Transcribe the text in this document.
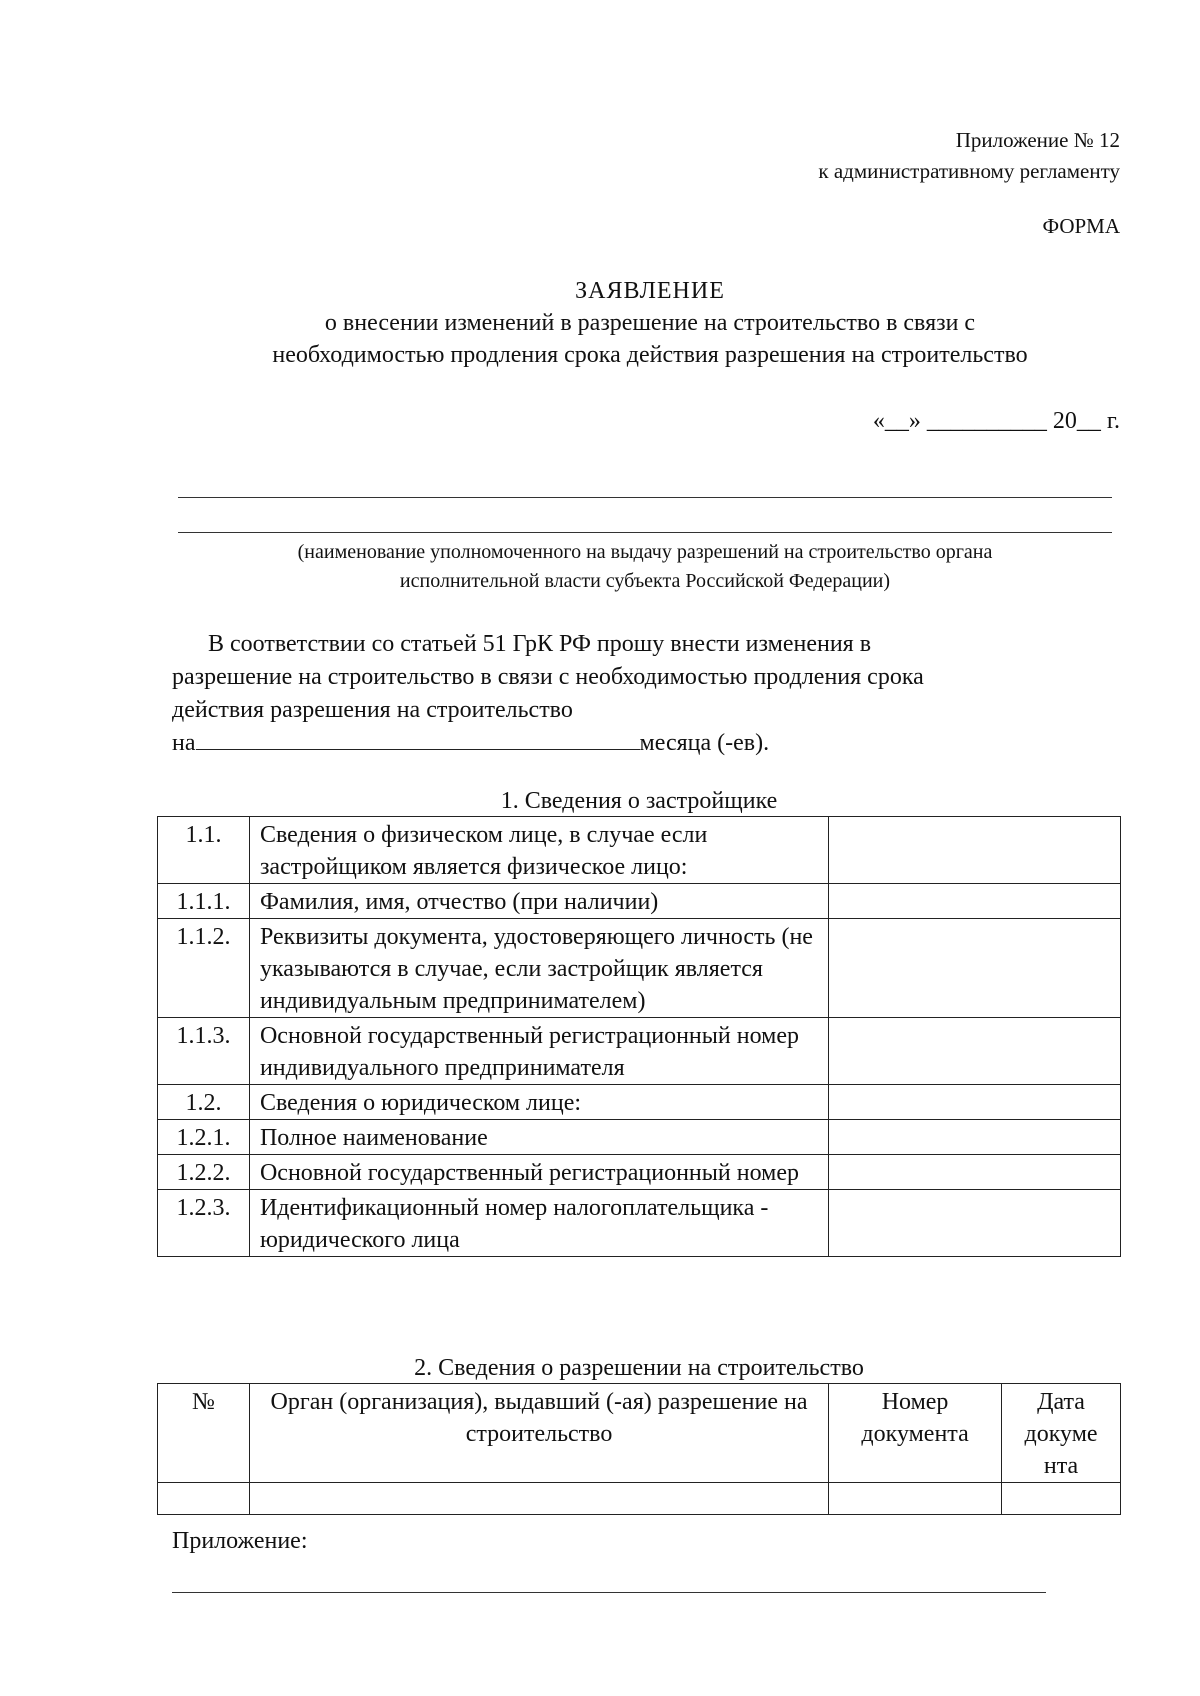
Приложение № 12
к административному регламенту
ФОРМА
ЗАЯВЛЕНИЕ
о внесении изменений в разрешение на строительство в связи с
необходимостью продления срока действия разрешения на строительство
«__» __________ 20__ г.
(наименование уполномоченного на выдачу разрешений на строительство органа
исполнительной власти субъекта Российской Федерации)
В соответствии со статьей 51 ГрК РФ прошу внести изменения в
разрешение на строительство в связи с необходимостью продления срока
действия разрешения на строительство
на	месяца (-ев).
1. Сведения о застройщике
1.1.	Сведения о физическом лице, в случае если застройщиком является физическое лицо:	
1.1.1.	Фамилия, имя, отчество (при наличии)	
1.1.2.	Реквизиты документа, удостоверяющего личность (не указываются в случае, если застройщик является индивидуальным предпринимателем)	
1.1.3.	Основной государственный регистрационный номер индивидуального предпринимателя	
1.2.	Сведения о юридическом лице:	
1.2.1.	Полное наименование	
1.2.2.	Основной государственный регистрационный номер	
1.2.3.	Идентификационный номер налогоплательщика - юридического лица	
2. Сведения о разрешении на строительство
№	Орган (организация), выдавший (-ая) разрешение на строительство	Номер документа	Дата докуме нта

Приложение:
